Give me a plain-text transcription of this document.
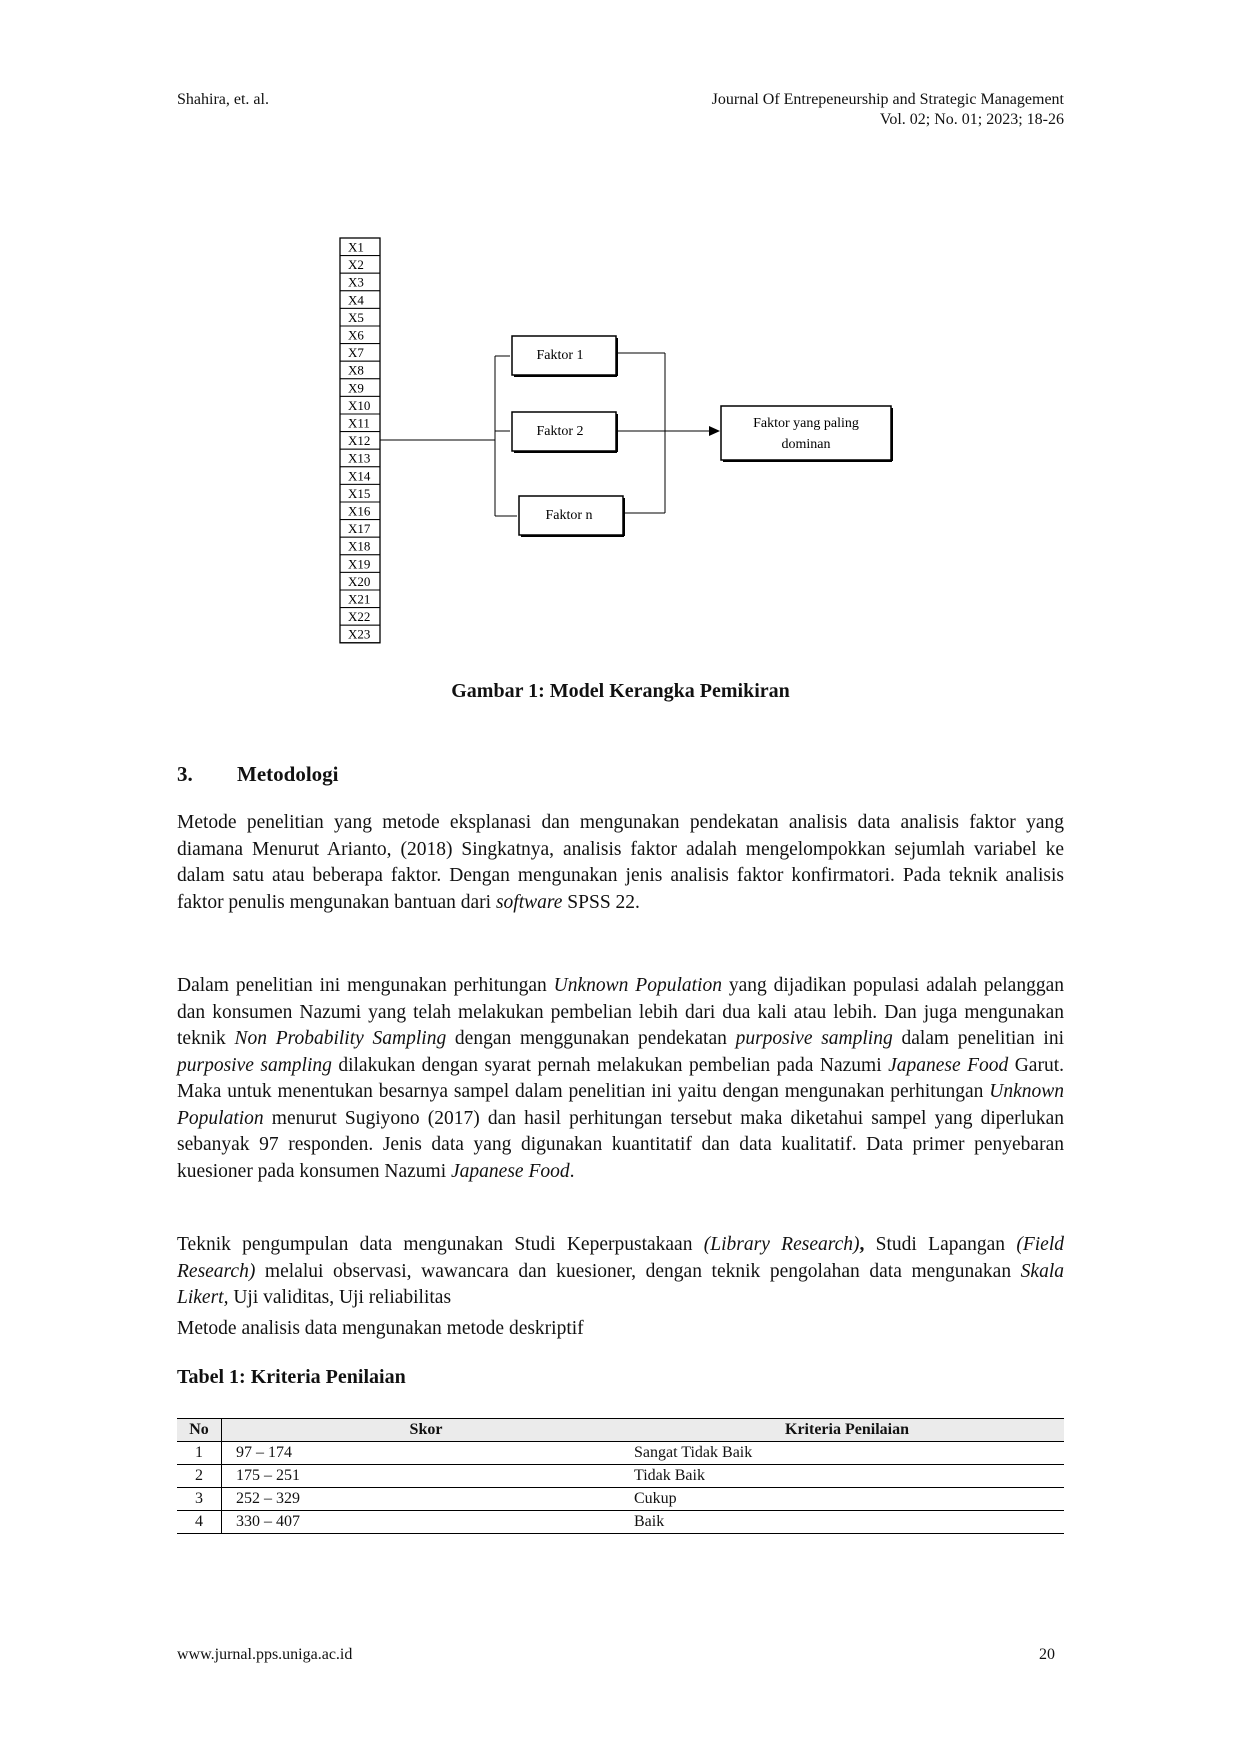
Shahira, et. al.	Journal Of Entrepeneurship and Strategic Management
Vol. 02; No. 01; 2023; 18-26
X1
X2
X3
X4
X5
X6
X7
X8
X9
X10
X11
X12
X13
X14
X15
X16
X17
X18
X19
X20
X21
X22
X23
Faktor 1
Faktor 2
Faktor n
Faktor yang paling
dominan
Gambar 1: Model Kerangka Pemikiran
3. Metodologi

Metode penelitian yang metode eksplanasi dan mengunakan pendekatan analisis data analisis faktor yang diamana Menurut Arianto, (2018) Singkatnya, analisis faktor adalah mengelompokkan sejumlah variabel ke dalam satu atau beberapa faktor. Dengan mengunakan jenis analisis faktor konfirmatori. Pada teknik analisis faktor penulis mengunakan bantuan dari software SPSS 22.

Dalam penelitian ini mengunakan perhitungan Unknown Population yang dijadikan populasi adalah pelanggan dan konsumen Nazumi yang telah melakukan pembelian lebih dari dua kali atau lebih. Dan juga mengunakan teknik Non Probability Sampling dengan menggunakan pendekatan purposive sampling dalam penelitian ini purposive sampling dilakukan dengan syarat pernah melakukan pembelian pada Nazumi Japanese Food Garut. Maka untuk menentukan besarnya sampel dalam penelitian ini yaitu dengan mengunakan perhitungan Unknown Population menurut Sugiyono (2017) dan hasil perhitungan tersebut maka diketahui sampel yang diperlukan sebanyak 97 responden. Jenis data yang digunakan kuantitatif dan data kualitatif. Data primer penyebaran kuesioner pada konsumen Nazumi Japanese Food.

Teknik pengumpulan data mengunakan Studi Keperpustakaan (Library Research), Studi Lapangan (Field Research) melalui observasi, wawancara dan kuesioner, dengan teknik pengolahan data mengunakan Skala Likert, Uji validitas, Uji reliabilitas

Metode analisis data mengunakan metode deskriptif

Tabel 1: Kriteria Penilaian
No	Skor	Kriteria Penilaian
1	97 – 174	Sangat Tidak Baik
2	175 – 251	Tidak Baik
3	252 – 329	Cukup
4	330 – 407	Baik
www.jurnal.pps.uniga.ac.id	20
